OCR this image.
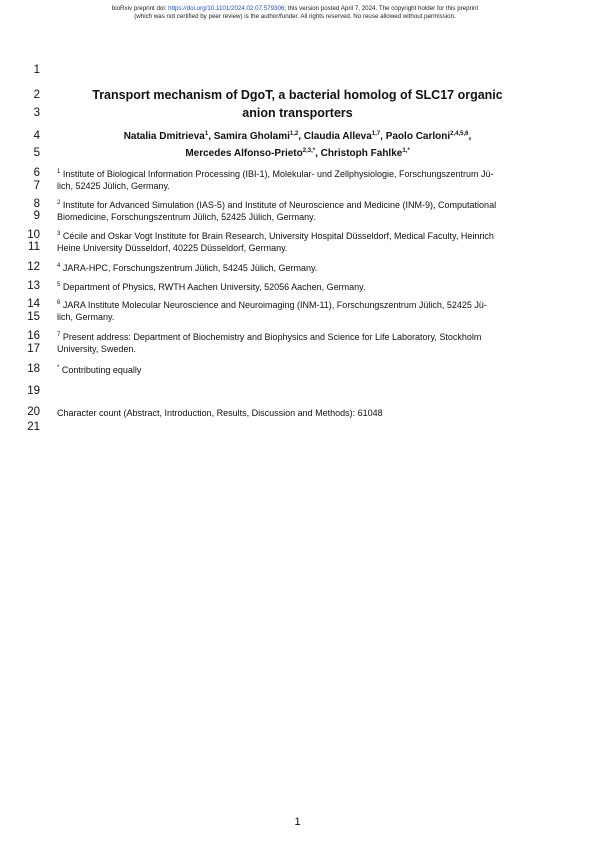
bioRxiv preprint doi: https://doi.org/10.1101/2024.02.07.579306; this version posted April 7, 2024. The copyright holder for this preprint
(which was not certified by peer review) is the author/funder. All rights reserved. No reuse allowed without permission.
1
2
3
4
5
6
7
8
9
10
11
12
13
14
15
16
17
18
19
20
21
Transport mechanism of DgoT, a bacterial homolog of SLC17 organic
anion transporters
Natalia Dmitrieva$^1$, Samira Gholami$^{1,2}$, Claudia Alleva$^{1,7}$, Paolo Carloni$^{2,4,5,6}$,
Mercedes Alfonso-Prieto$^{2,3,*}$, Christoph Fahlke$^{1,*}$
$^1$ Institute of Biological Information Processing (IBI-1), Molekular- und Zellphysiologie, Forschungszentrum Jü-
lich, 52425 Jülich, Germany.
$^2$ Institute for Advanced Simulation (IAS-5) and Institute of Neuroscience and Medicine (INM-9), Computational
Biomedicine, Forschungszentrum Jülich, 52425 Jülich, Germany.
$^3$ Cécile and Oskar Vogt Institute for Brain Research, University Hospital Düsseldorf, Medical Faculty, Heinrich
Heine University Düsseldorf, 40225 Düsseldorf, Germany.
$^4$ JARA-HPC, Forschungszentrum Jülich, 54245 Jülich, Germany.
$^5$ Department of Physics, RWTH Aachen University, 52056 Aachen, Germany.
$^6$ JARA Institute Molecular Neuroscience and Neuroimaging (INM-11), Forschungszentrum Jülich, 52425 Jü-
lich, Germany.
$^7$ Present address: Department of Biochemistry and Biophysics and Science for Life Laboratory, Stockholm
University, Sweden.
* Contributing equally
Character count (Abstract, Introduction, Results, Discussion and Methods): 61048
1
